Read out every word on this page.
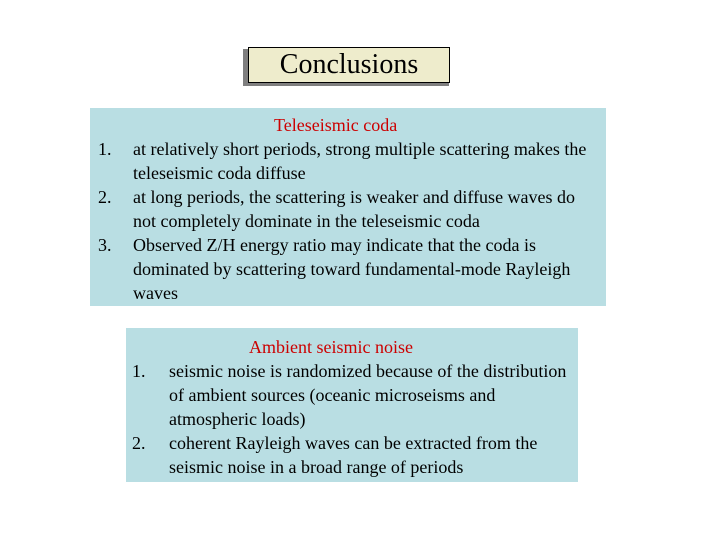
Conclusions
Teleseismic coda
1. at relatively short periods, strong multiple scattering makes the teleseismic coda diffuse
2. at long periods, the scattering is weaker and diffuse waves do not completely dominate in the teleseismic coda
3. Observed Z/H energy ratio may indicate that the coda is dominated by scattering toward fundamental-mode Rayleigh waves
Ambient seismic noise
1. seismic noise is randomized because of the distribution of ambient sources (oceanic microseisms and atmospheric loads)
2. coherent Rayleigh waves can be extracted from the seismic noise in a broad range of periods
